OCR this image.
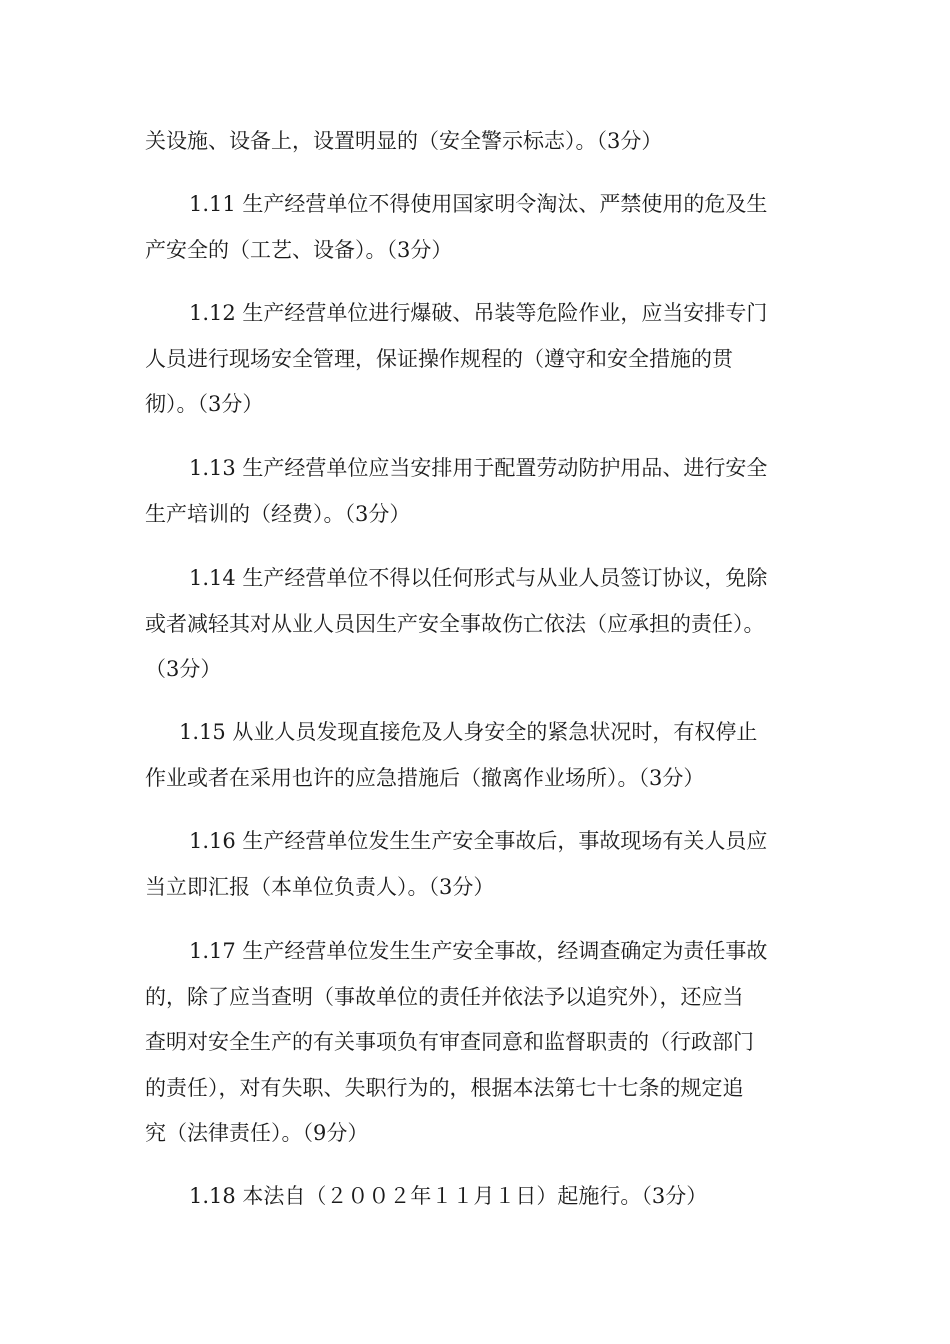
关设施、设备上，设置明显的（安全警示标志）。（3分）

1.11 生产经营单位不得使用国家明令淘汰、严禁使用的危及生
产安全的（工艺、设备）。（3分）

1.12 生产经营单位进行爆破、吊装等危险作业，应当安排专门
人员进行现场安全管理，保证操作规程的（遵守和安全措施的贯
彻）。（3分）

1.13 生产经营单位应当安排用于配置劳动防护用品、进行安全
生产培训的（经费）。（3分）

1.14 生产经营单位不得以任何形式与从业人员签订协议，免除
或者减轻其对从业人员因生产安全事故伤亡依法（应承担的责任）。
（3分）

1.15 从业人员发现直接危及人身安全的紧急状况时，有权停止
作业或者在采用也许的应急措施后（撤离作业场所）。（3分）

1.16 生产经营单位发生生产安全事故后，事故现场有关人员应
当立即汇报（本单位负责人）。（3分）

1.17 生产经营单位发生生产安全事故，经调查确定为责任事故
的，除了应当查明（事故单位的责任并依法予以追究外），还应当
查明对安全生产的有关事项负有审查同意和监督职责的（行政部门
的责任），对有失职、失职行为的，根据本法第七十七条的规定追
究（法律责任）。（9分）

1.18 本法自（２００２年１１月１日）起施行。（3分）
